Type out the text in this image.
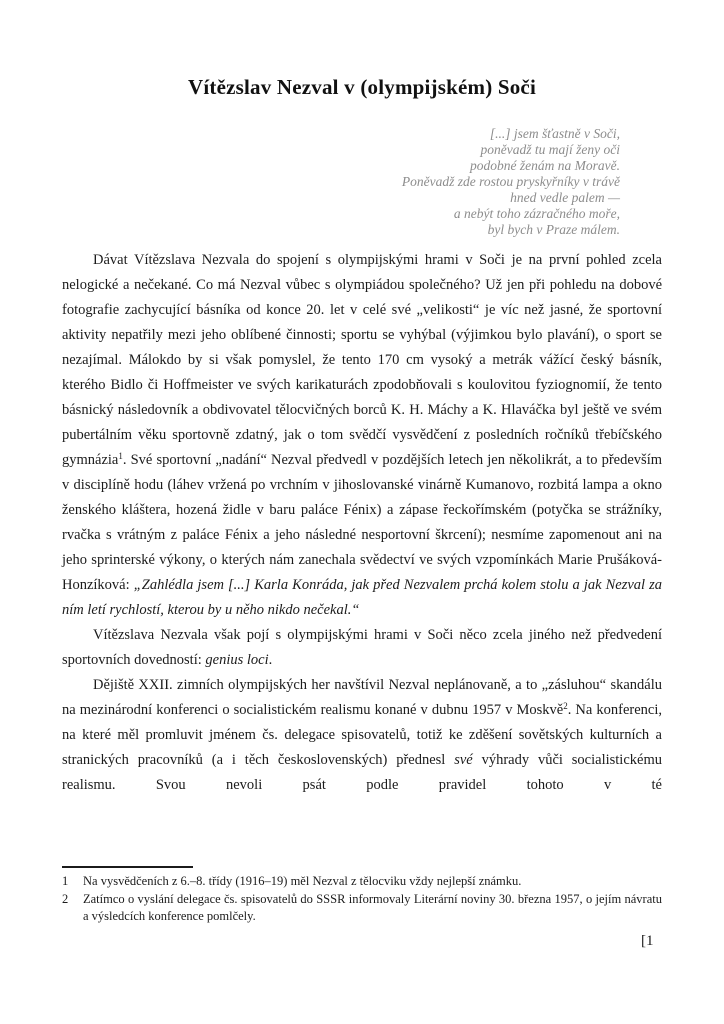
Vítězslav Nezval v (olympijském) Soči
[...] jsem šťastně v Soči,
poněvadž tu mají ženy oči
podobné ženám na Moravě.
Poněvadž zde rostou pryskyřníky v trávě
hned vedle palem —
a nebýt toho zázračného moře,
byl bych v Praze málem.

Dávat Vítězslava Nezvala do spojení s olympijskými hrami v Soči je na první pohled zcela nelogické a nečekané. Co má Nezval vůbec s olympiádou společného? Už jen při pohledu na dobové fotografie zachycující básníka od konce 20. let v celé své „velikosti“ je víc než jasné, že sportovní aktivity nepatřily mezi jeho oblíbené činnosti; sportu se vyhýbal (výjimkou bylo plavání), o sport se nezajímal. Málokdo by si však pomyslel, že tento 170 cm vysoký a metrák vážící český básník, kterého Bidlo či Hoffmeister ve svých karikaturách zpodobňovali s koulovitou fyziognomií, že tento básnický následovník a obdivovatel tělocvičných borců K. H. Máchy a K. Hlaváčka byl ještě ve svém pubertálním věku sportovně zdatný, jak o tom svědčí vysvědčení z posledních ročníků třebíčského gymnázia$^1$. Své sportovní „nadání“ Nezval předvedl v pozdějších letech jen několikrát, a to především v disciplíně hodu (láhev vržená po vrchním v jihoslovanské vinárně Kumanovo, rozbitá lampa a okno ženského kláštera, hozená židle v baru paláce Fénix) a zápase řeckořímském (potyčka se strážníky, rvačka s vrátným z paláce Fénix a jeho následné nesportovní škrcení); nesmíme zapomenout ani na jeho sprinterské výkony, o kterých nám zanechala svědectví ve svých vzpomínkách Marie Prušáková-Honzíková: „Zahlédla jsem [...] Karla Konráda, jak před Nezvalem prchá kolem stolu a jak Nezval za ním letí rychlostí, kterou by u něho nikdo nečekal.“

Vítězslava Nezvala však pojí s olympijskými hrami v Soči něco zcela jiného než předvedení sportovních dovedností: genius loci.

Dějiště XXII. zimních olympijských her navštívil Nezval neplánovaně, a to „zásluhou“ skandálu na mezinárodní konferenci o socialistickém realismu konané v dubnu 1957 v Moskvě$^2$. Na konferenci, na které měl promluvit jménem čs. delegace spisovatelů, totiž ke zděšení sovětských kulturních a stranických pracovníků (a i těch československých) přednesl své výhrady vůči socialistickému realismu. Svou nevoli psát podle pravidel tohoto v té

1	Na vysvědčeních z 6.–8. třídy (1916–19) měl Nezval z tělocviku vždy nejlepší známku.
2	Zatímco o vyslání delegace čs. spisovatelů do SSSR informovaly Literární noviny 30. března 1957, o jejím návratu a výsledcích konference pomlčely.
[1
